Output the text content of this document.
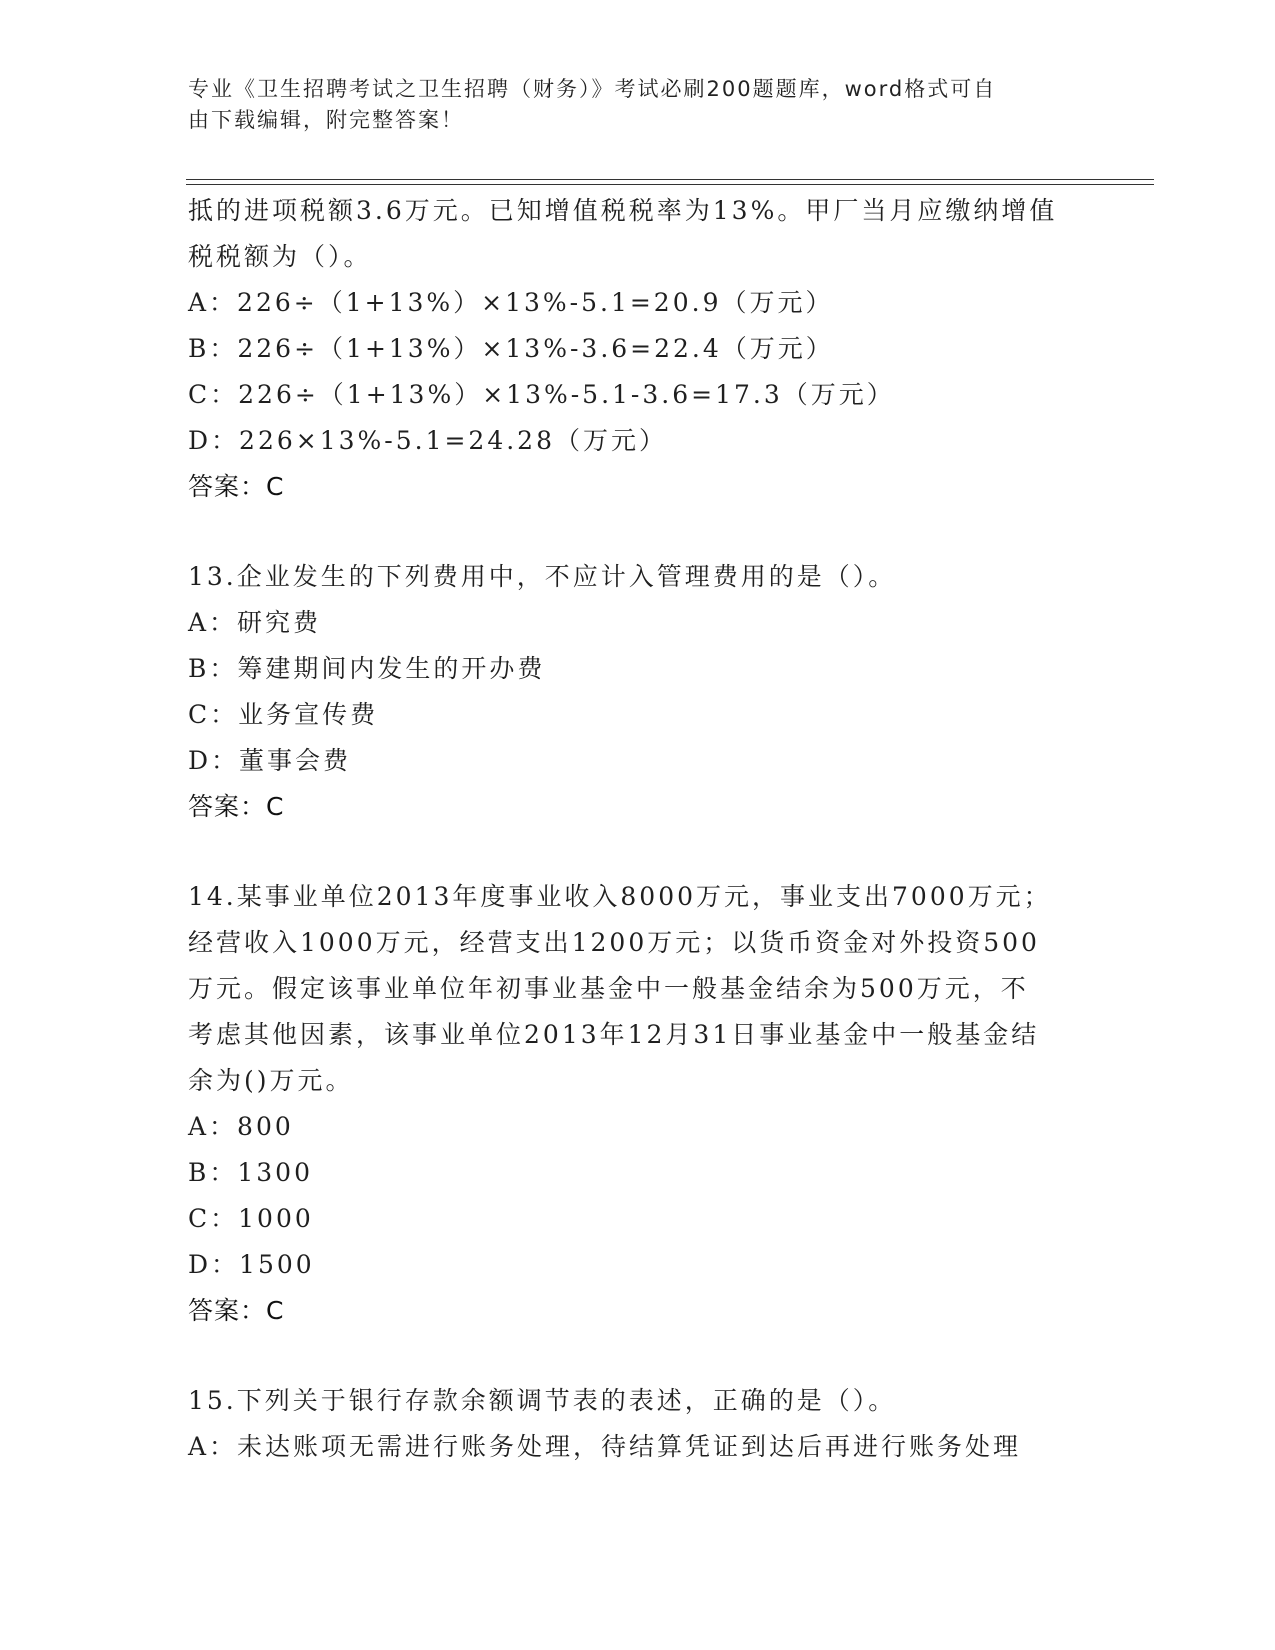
专业《卫生招聘考试之卫生招聘（财务）》考试必刷200题题库，word格式可自
由下载编辑，附完整答案！
抵的进项税额3.6万元。已知增值税税率为13%。甲厂当月应缴纳增值
税税额为（）。
A：226÷（1+13%）×13%-5.1=20.9（万元）
B：226÷（1+13%）×13%-3.6=22.4（万元）
C：226÷（1+13%）×13%-5.1-3.6=17.3（万元）
D：226×13%-5.1=24.28（万元）
答案：C
13.企业发生的下列费用中，不应计入管理费用的是（）。
A：研究费
B：筹建期间内发生的开办费
C：业务宣传费
D：董事会费
答案：C
14.某事业单位2013年度事业收入8000万元，事业支出7000万元；
经营收入1000万元，经营支出1200万元；以货币资金对外投资500
万元。假定该事业单位年初事业基金中一般基金结余为500万元，不
考虑其他因素，该事业单位2013年12月31日事业基金中一般基金结
余为()万元。
A：800
B：1300
C：1000
D：1500
答案：C
15.下列关于银行存款余额调节表的表述，正确的是（）。
A：未达账项无需进行账务处理，待结算凭证到达后再进行账务处理
